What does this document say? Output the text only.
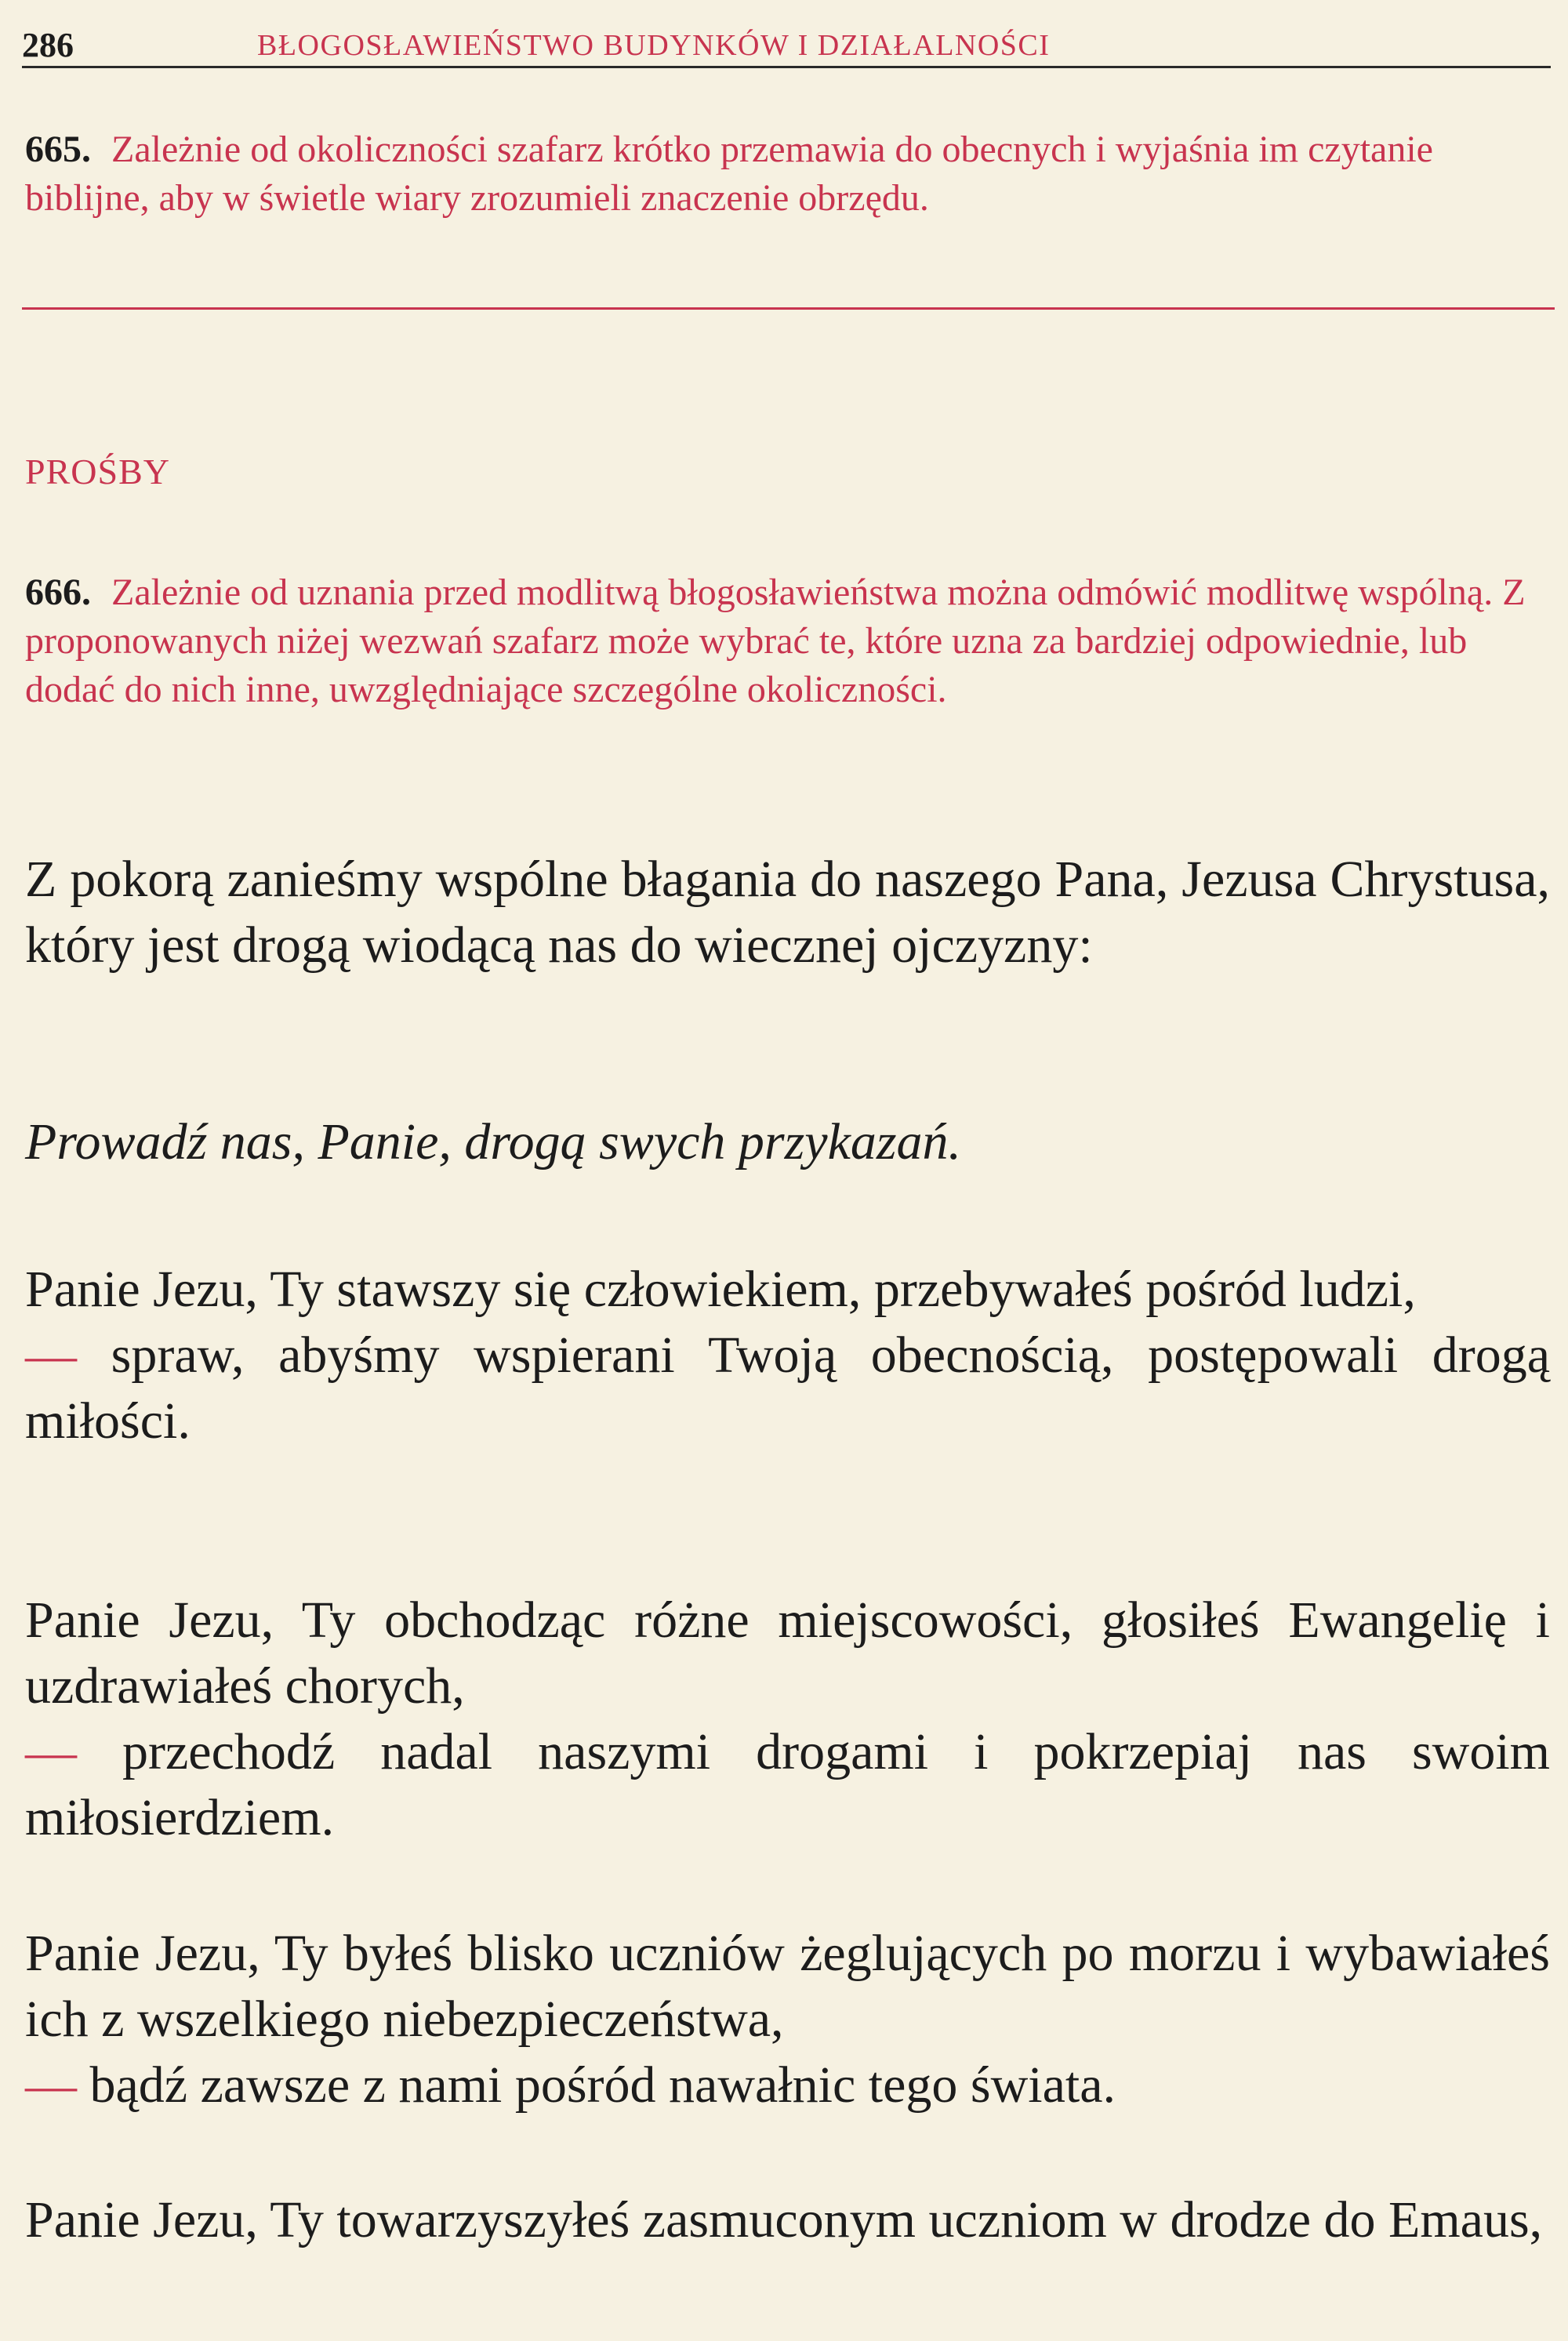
286	BŁOGOSŁAWIEŃSTWO BUDYNKÓW I DZIAŁALNOŚCI
665. Zależnie od okoliczności szafarz krótko przemawia do obecnych i wyjaśnia im czytanie biblijne, aby w świetle wiary zrozumieli znaczenie obrzędu.
PROŚBY
666. Zależnie od uznania przed modlitwą błogosławieństwa można odmówić modlitwę wspólną. Z proponowanych niżej wezwań szafarz może wybrać te, które uzna za bardziej odpowiednie, lub dodać do nich inne, uwzględniające szczególne okoliczności.
Z pokorą zanieśmy wspólne błagania do naszego Pana, Jezusa Chrystusa, który jest drogą wiodącą nas do wiecznej ojczyzny:
Prowadź nas, Panie, drogą swych przykazań.
Panie Jezu, Ty stawszy się człowiekiem, przebywałeś pośród ludzi,
— spraw, abyśmy wspierani Twoją obecnością, postępowali drogą miłości.
Panie Jezu, Ty obchodząc różne miejscowości, głosiłeś Ewangelię i uzdrawiałeś chorych,
— przechodź nadal naszymi drogami i pokrzepiaj nas swoim miłosierdziem.
Panie Jezu, Ty byłeś blisko uczniów żeglujących po morzu i wybawiałeś ich z wszelkiego niebezpieczeństwa,
— bądź zawsze z nami pośród nawałnic tego świata.
Panie Jezu, Ty towarzyszyłeś zasmuconym uczniom w drodze do Emaus,
